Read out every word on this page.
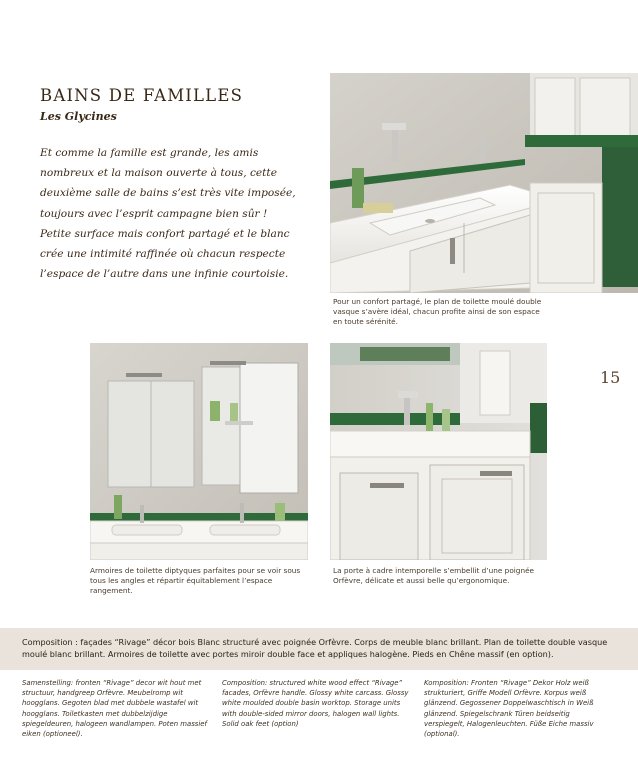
BAINS DE FAMILLES
Les Glycines

Et comme la famille est grande, les amis nombreux et la maison ouverte à tous, cette deuxième salle de bains s’est très vite imposée, toujours avec l’esprit campagne bien sûr ! Petite surface mais confort partagé et le blanc crée une intimité raffinée où chacun respecte l’espace de l’autre dans une infinie courtoisie.

Pour un confort partagé, le plan de toilette moulé double vasque s’avère idéal, chacun profite ainsi de son espace en toute sérénité.

Armoires de toilette diptyques parfaites pour se voir sous tous les angles et répartir équitablement l’espace rangement.

La porte à cadre intemporelle s’embellit d’une poignée Orfèvre, délicate et aussi belle qu’ergonomique.

15

Composition : façades “Rivage” décor bois Blanc structuré avec poignée Orfèvre. Corps de meuble blanc brillant. Plan de toilette double vasque moulé blanc brillant. Armoires de toilette avec portes miroir double face et appliques halogène. Pieds en Chêne massif (en option).

Samenstelling: fronten “Rivage” decor wit hout met structuur, handgreep Orfèvre. Meubelromp wit hoogglans. Gegoten blad met dubbele wastafel wit hoogglans. Toiletkasten met dubbelzijdige spiegeldeuren, halogeen wandlampen. Poten massief eiken (optioneel).

Composition: structured white wood effect “Rivage” facades, Orfèvre handle. Glossy white carcass. Glossy white moulded double basin worktop. Storage units with double-sided mirror doors, halogen wall lights. Solid oak feet (option)

Komposition: Fronten “Rivage” Dekor Holz weiß strukturiert, Griffe Modell Orfèvre. Korpus weiß glänzend. Gegossener Doppelwaschtisch in Weiß glänzend. Spiegelschrank Türen beidseitig verspiegelt, Halogenleuchten. Füße Eiche massiv (optional).
